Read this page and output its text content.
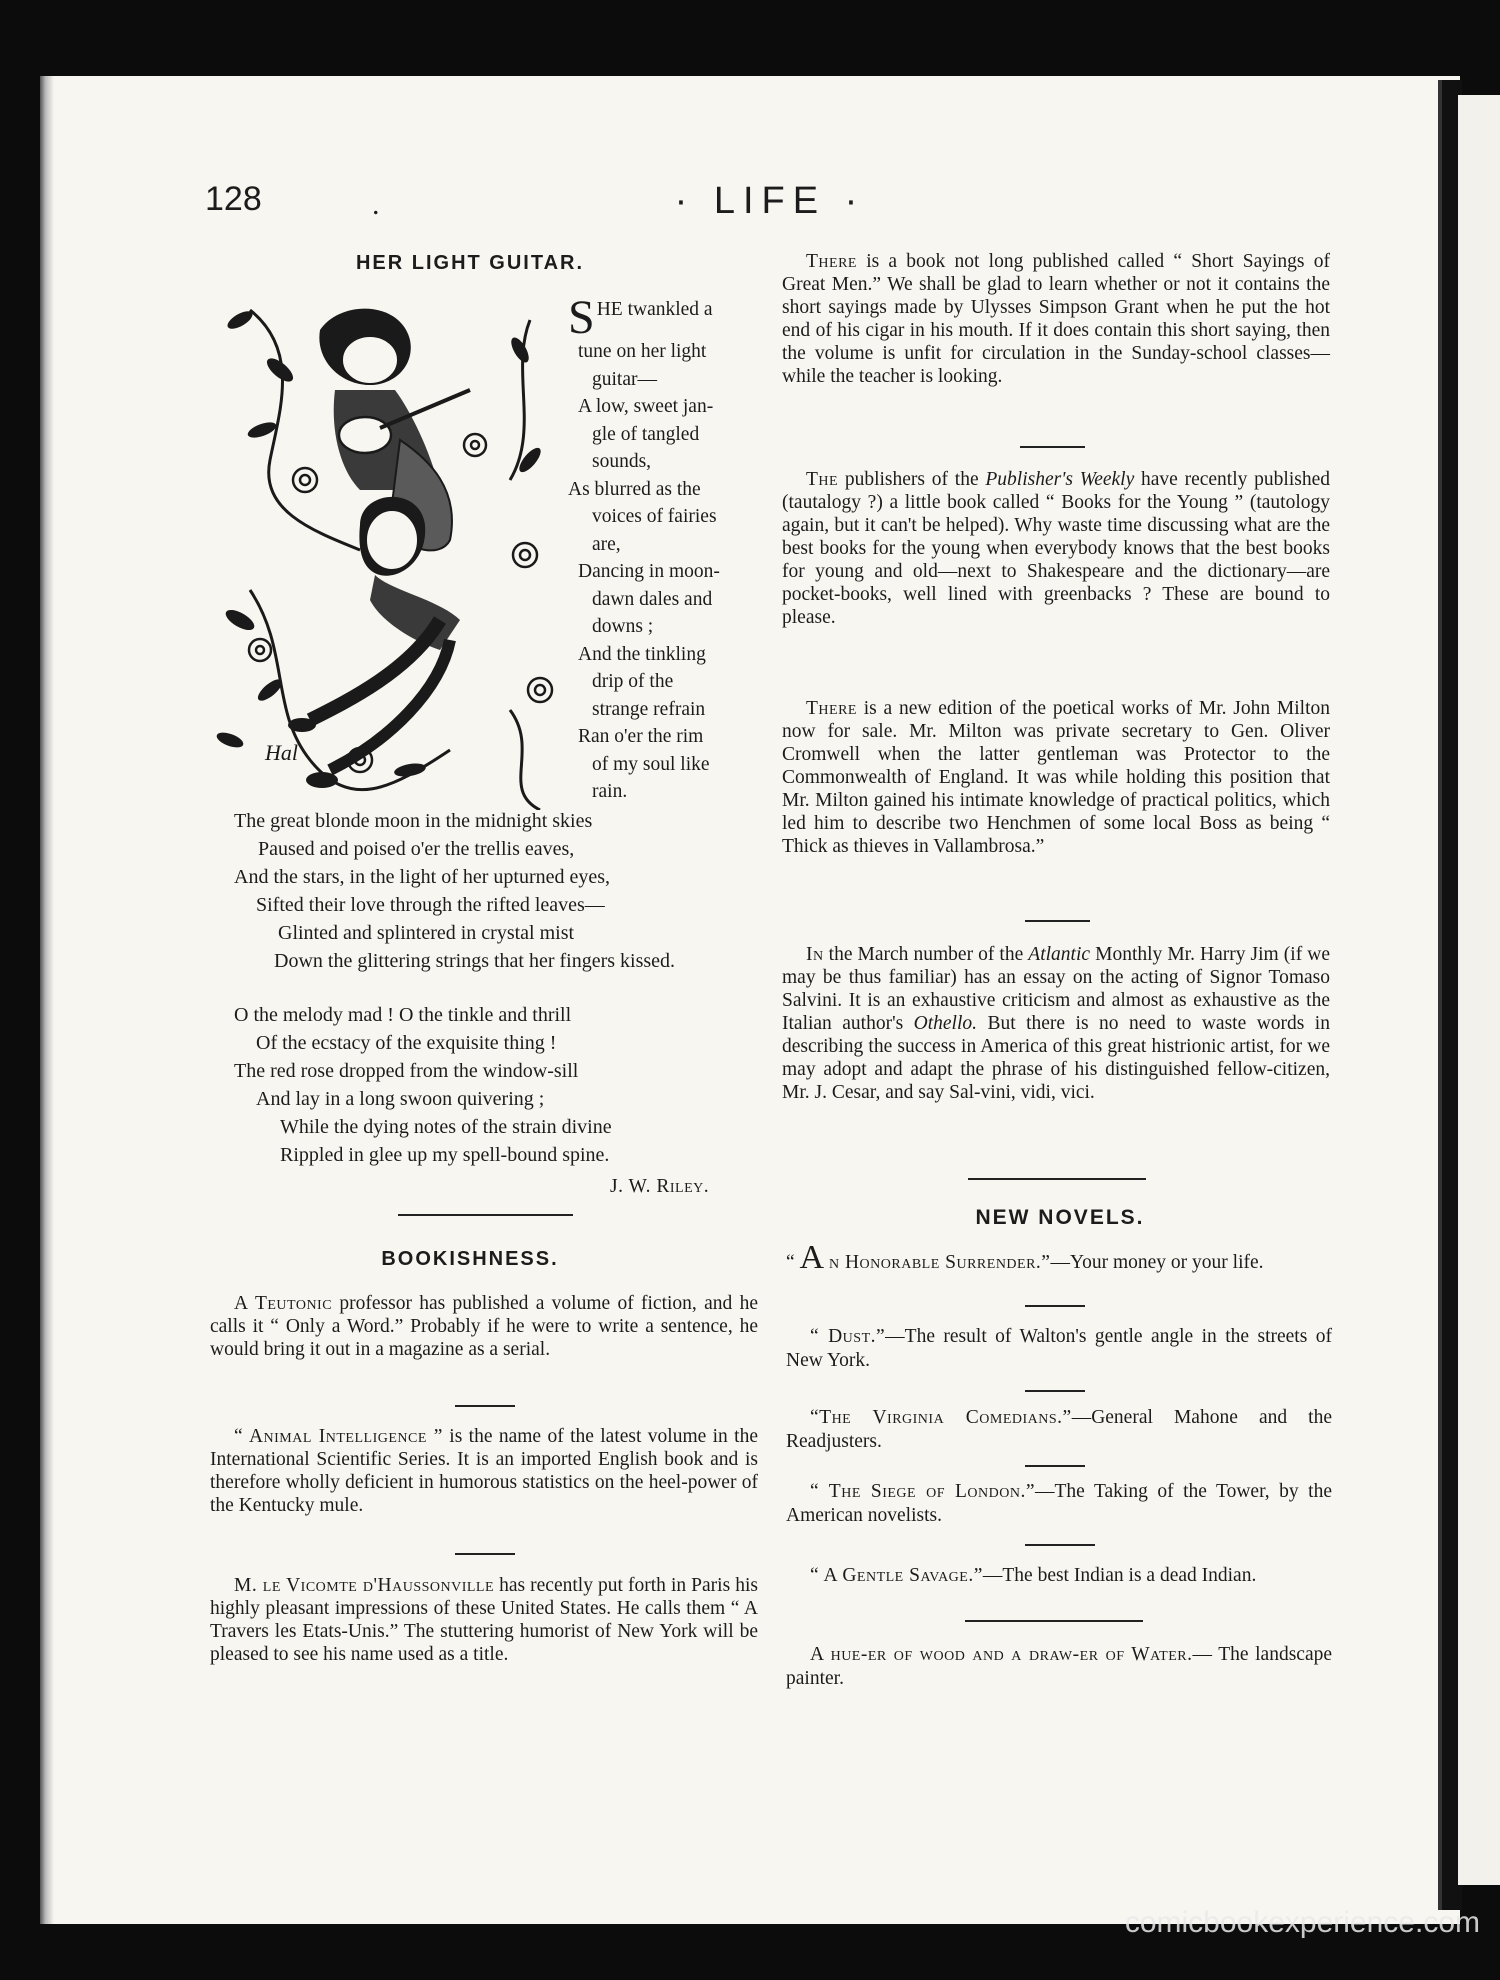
128	.	· LIFE ·
HER LIGHT GUITAR.
Hal
SHE twankled a
tune on her light
guitar—
A low, sweet jan-
gle of tangled
sounds,
As blurred as the
voices of fairies
are,
Dancing in moon-
dawn dales and
downs ;
And the tinkling
drip of the
strange refrain
Ran o'er the rim
of my soul like
rain.
J. W. Riley.
BOOKISHNESS.
A Teutonic professor has published a volume of fiction, and he calls it “ Only a Word.” Probably if he were to write a sentence, he would bring it out in a magazine as a serial.
“ Animal Intelligence ” is the name of the latest volume in the International Scientific Series. It is an imported English book and is therefore wholly deficient in humorous statistics on the heel-power of the Kentucky mule.
M. le Vicomte d'Haussonville has recently put forth in Paris his highly pleasant impressions of these United States. He calls them “ A Travers les Etats-Unis.” The stuttering humorist of New York will be pleased to see his name used as a title.
There is a book not long published called “ Short Sayings of Great Men.” We shall be glad to learn whether or not it contains the short sayings made by Ulysses Simpson Grant when he put the hot end of his cigar in his mouth. If it does contain this short saying, then the volume is unfit for circulation in the Sunday-school classes—while the teacher is looking.
The publishers of the Publisher's Weekly have recently published (tautalogy ?) a little book called “ Books for the Young ” (tautology again, but it can't be helped). Why waste time discussing what are the best books for the young when everybody knows that the best books for young and old—next to Shakespeare and the dictionary—are pocket-books, well lined with greenbacks ? These are bound to please.
There is a new edition of the poetical works of Mr. John Milton now for sale. Mr. Milton was private secretary to Gen. Oliver Cromwell when the latter gentleman was Protector to the Commonwealth of England. It was while holding this position that Mr. Milton gained his intimate knowledge of practical politics, which led him to describe two Henchmen of some local Boss as being “ Thick as thieves in Vallambrosa.”
In the March number of the Atlantic Monthly Mr. Harry Jim (if we may be thus familiar) has an essay on the acting of Signor Tomaso Salvini. It is an exhaustive criticism and almost as exhaustive as the Italian author's Othello. But there is no need to waste words in describing the success in America of this great histrionic artist, for we may adopt and adapt the phrase of his distinguished fellow-citizen, Mr. J. Cesar, and say Sal-vini, vidi, vici.
NEW NOVELS.
“ A n Honorable Surrender.”—Your money or your life.
“ Dust.”—The result of Walton's gentle angle in the streets of New York.
“The Virginia Comedians.”—General Mahone and the Readjusters.
“ The Siege of London.”—The Taking of the Tower, by the American novelists.
“ A Gentle Savage.”—The best Indian is a dead Indian.
A hue-er of wood and a draw-er of Water.— The landscape painter.
comicbookexperience.com
The great blonde moon in the midnight skies
Paused and poised o'er the trellis eaves,
And the stars, in the light of her upturned eyes,
Sifted their love through the rifted leaves—
Glinted and splintered in crystal mist
Down the glittering strings that her fingers kissed.
O the melody mad ! O the tinkle and thrill
Of the ecstacy of the exquisite thing !
The red rose dropped from the window-sill
And lay in a long swoon quivering ;
While the dying notes of the strain divine
Rippled in glee up my spell-bound spine.
